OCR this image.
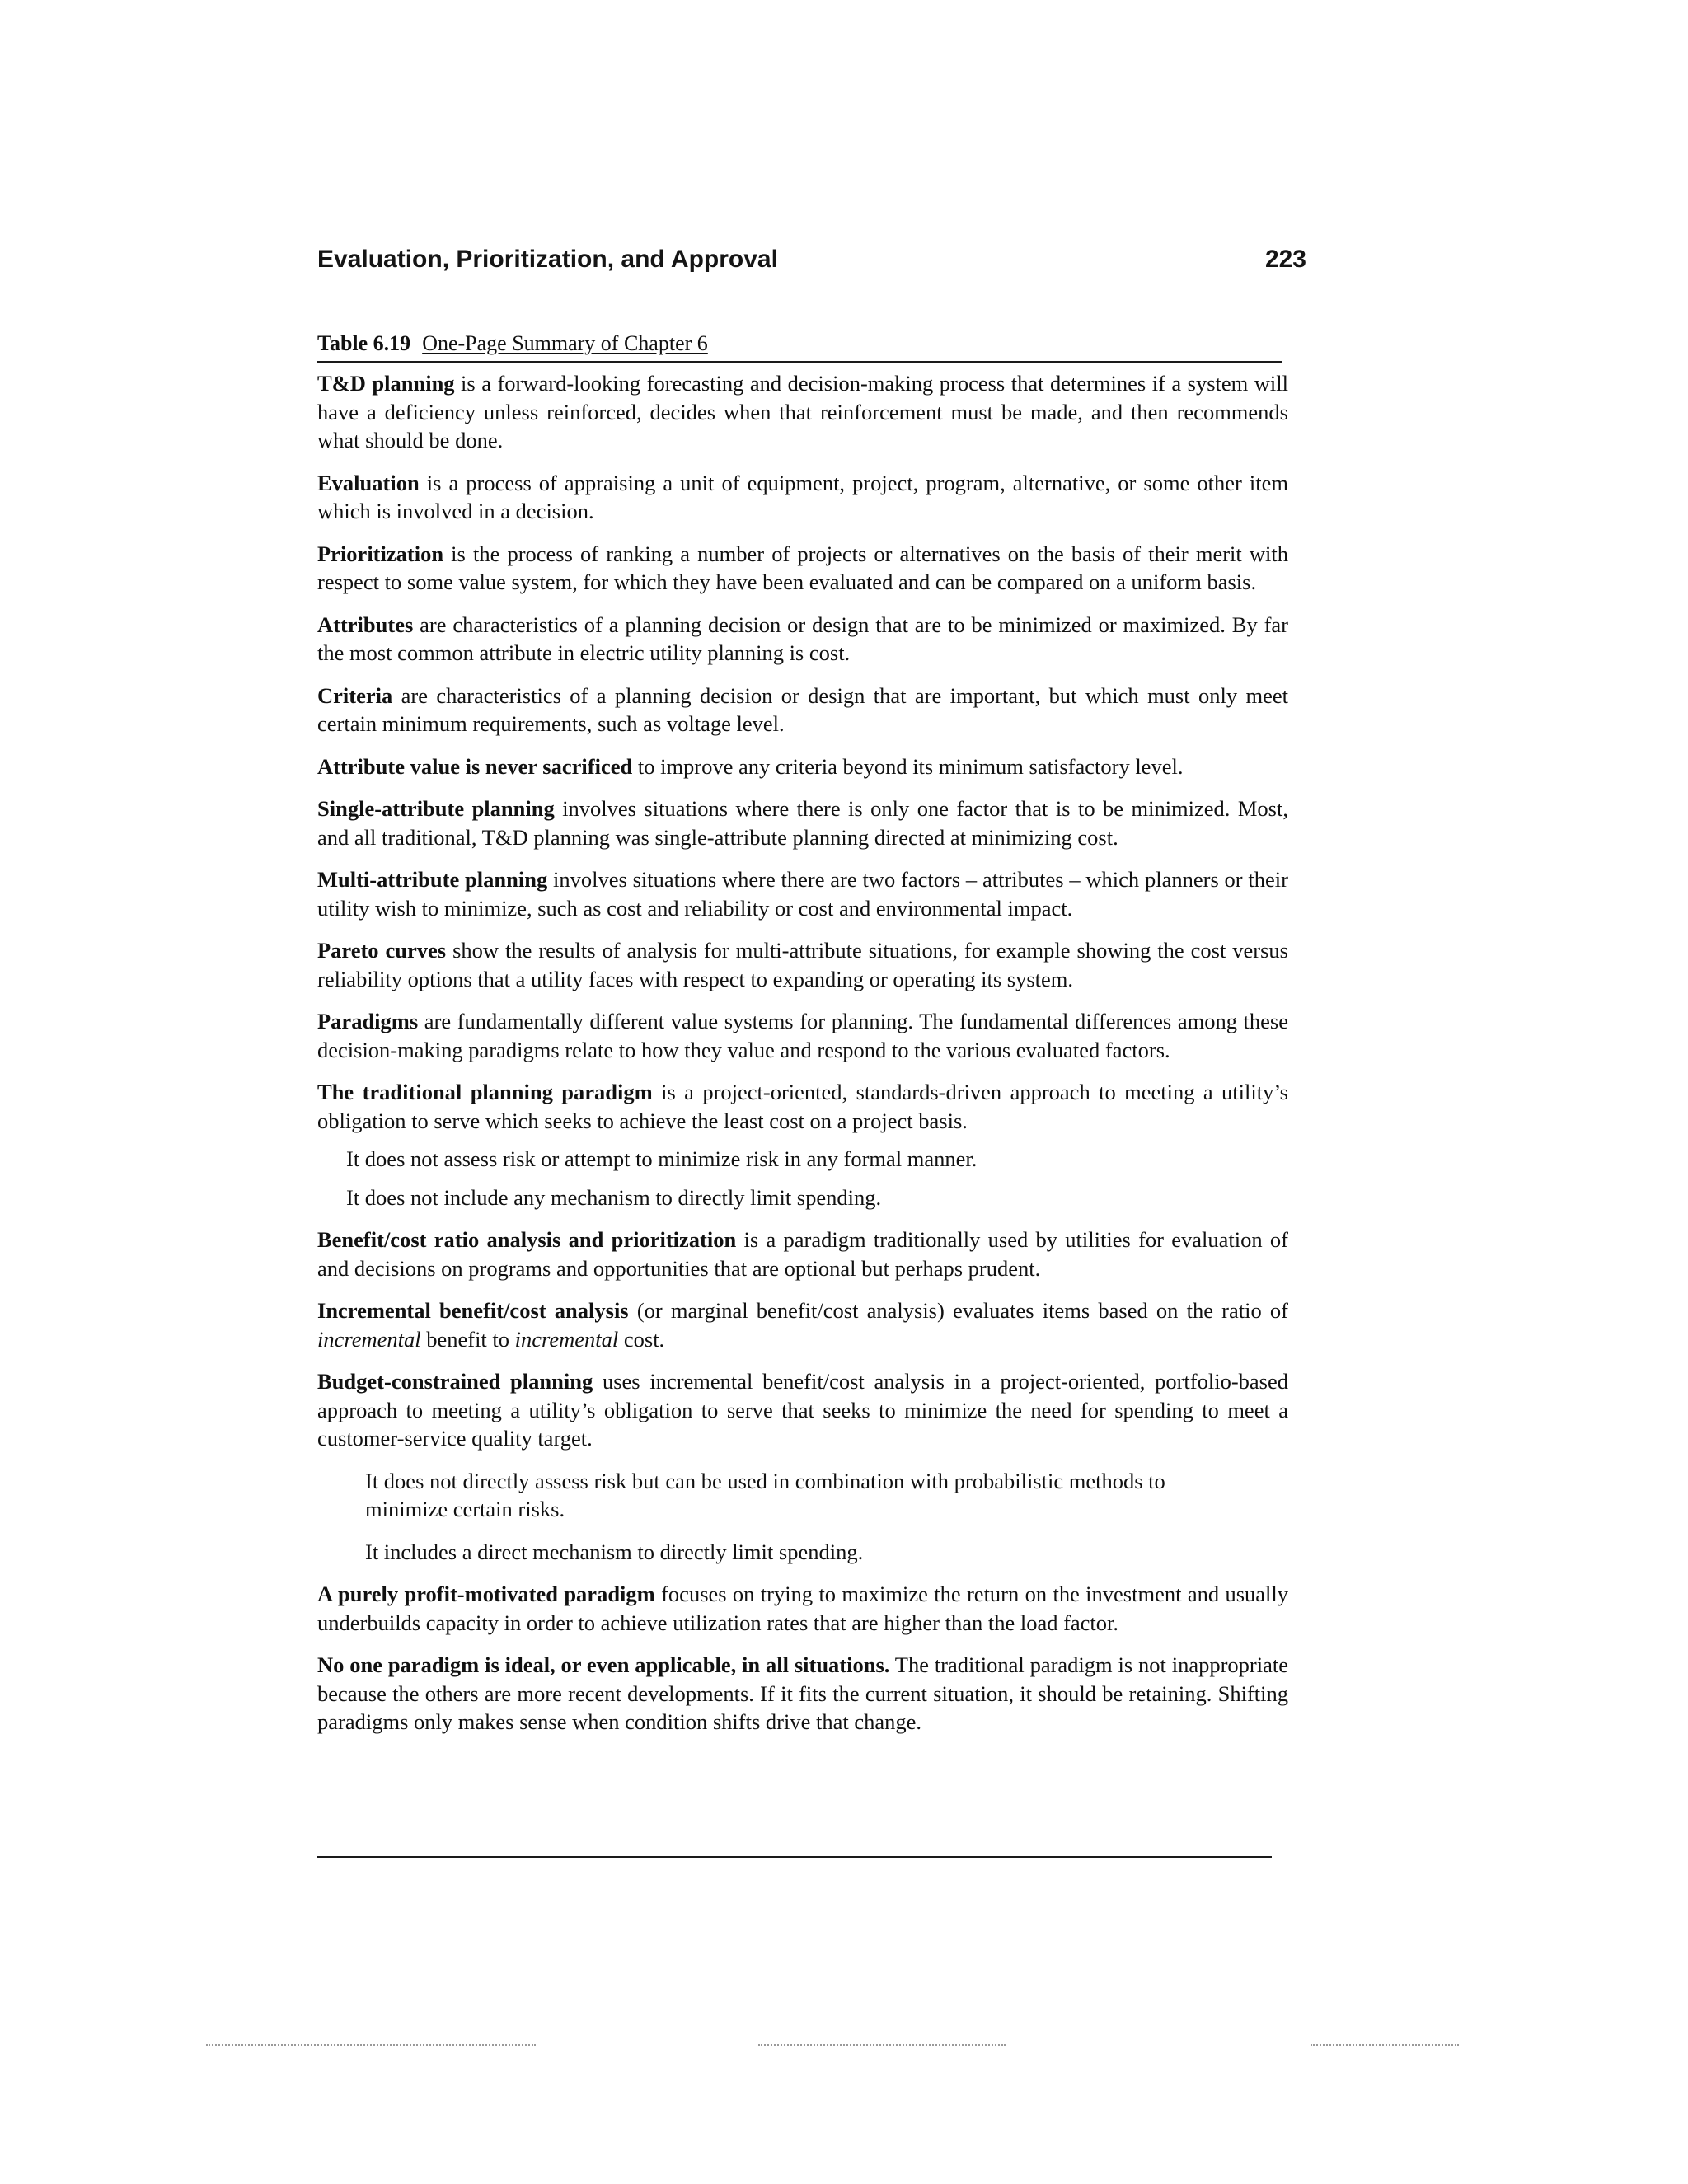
Evaluation, Prioritization, and Approval	223
Table 6.19 One-Page Summary of Chapter 6

T&D planning is a forward-looking forecasting and decision-making process that determines if a system will have a deficiency unless reinforced, decides when that reinforcement must be made, and then recommends what should be done.

Evaluation is a process of appraising a unit of equipment, project, program, alternative, or some other item which is involved in a decision.

Prioritization is the process of ranking a number of projects or alternatives on the basis of their merit with respect to some value system, for which they have been evaluated and can be compared on a uniform basis.

Attributes are characteristics of a planning decision or design that are to be minimized or maximized. By far the most common attribute in electric utility planning is cost.

Criteria are characteristics of a planning decision or design that are important, but which must only meet certain minimum requirements, such as voltage level.

Attribute value is never sacrificed to improve any criteria beyond its minimum satisfactory level.

Single-attribute planning involves situations where there is only one factor that is to be minimized. Most, and all traditional, T&D planning was single-attribute planning directed at minimizing cost.

Multi-attribute planning involves situations where there are two factors – attributes – which planners or their utility wish to minimize, such as cost and reliability or cost and environmental impact.

Pareto curves show the results of analysis for multi-attribute situations, for example showing the cost versus reliability options that a utility faces with respect to expanding or operating its system.

Paradigms are fundamentally different value systems for planning. The fundamental differences among these decision-making paradigms relate to how they value and respond to the various evaluated factors.

The traditional planning paradigm is a project-oriented, standards-driven approach to meeting a utility’s obligation to serve which seeks to achieve the least cost on a project basis.

It does not assess risk or attempt to minimize risk in any formal manner.

It does not include any mechanism to directly limit spending.

Benefit/cost ratio analysis and prioritization is a paradigm traditionally used by utilities for evaluation of and decisions on programs and opportunities that are optional but perhaps prudent.

Incremental benefit/cost analysis (or marginal benefit/cost analysis) evaluates items based on the ratio of incremental benefit to incremental cost.

Budget-constrained planning uses incremental benefit/cost analysis in a project-oriented, portfolio-based approach to meeting a utility’s obligation to serve that seeks to minimize the need for spending to meet a customer-service quality target.

It does not directly assess risk but can be used in combination with probabilistic methods to minimize certain risks.

It includes a direct mechanism to directly limit spending.

A purely profit-motivated paradigm focuses on trying to maximize the return on the investment and usually underbuilds capacity in order to achieve utilization rates that are higher than the load factor.

No one paradigm is ideal, or even applicable, in all situations. The traditional paradigm is not inappropriate because the others are more recent developments. If it fits the current situation, it should be retaining. Shifting paradigms only makes sense when condition shifts drive that change.
